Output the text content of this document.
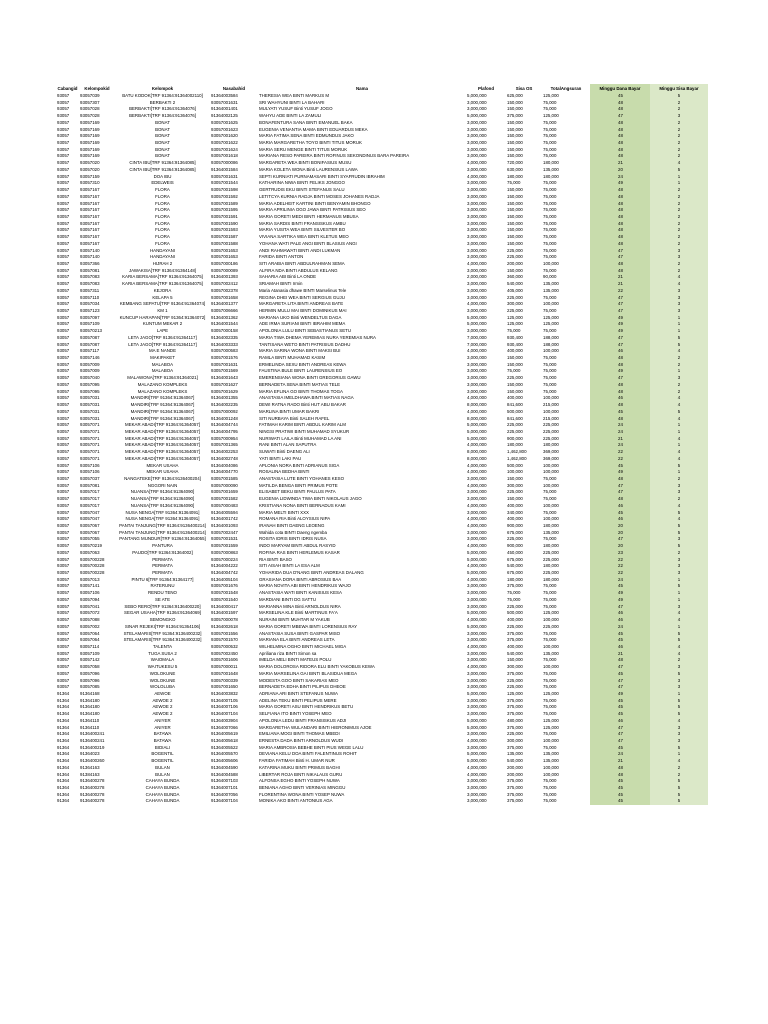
Cabangid	Kelompokid	Kelompok	Nasabahid	Nama	Plafond	Sisa OS	TotalAngsuran	Minggu Dana Bayar	Minggu Sisa Bayar
93057	93057039	BATU KODOK[TRF 91364:91364002110]	91364003584	THERESIA WEA BINTI MARKUS M	5,000,000	625,000	125,000	45	5
93057	93057307	BERBAKTI 2	93057001631	SRI WAHYUNI BINTI LA BAHARI	3,000,000	150,000	75,000	48	2
93057	93057028	BERBAKTI[TRF 91364:91364076]	91364001401	MULYATI YUSUF Binti YUSUF JOGO	3,000,000	150,000	75,000	48	2
93057	93057028	BERBAKTI[TRF 91364:91364076]	91364002125	WAHYU ADE BINTI LA ZAMULI	5,000,000	375,000	125,000	47	3
93057	93057169	BONAT	93057001625	BONAFENTURA SANA BINTI EMANUEL BAKA	3,000,000	150,000	75,000	48	2
93057	93057169	BONAT	93057001623	EUGENIA VENANTIA MAMA BINTI EDUARDUS MEKA	3,000,000	150,000	75,000	48	2
93057	93057169	BONAT	93057001620	MARIA FATIMA SENA BINTI EDMUNDUS JAKO	3,000,000	150,000	75,000	48	2
93057	93057169	BONAT	93057001622	MARIA MARGARETHA TOYO BINTI TITUS MORUK	3,000,000	150,000	75,000	48	2
93057	93057169	BONAT	93057001624	MARIA SERU MENGE BINTI TITUS MORUK	3,000,000	150,000	75,000	48	2
93057	93057169	BONAT	93057001618	MARIANA RESO PAREIRA BINTI ROFINUS SEKONDINUS BARA PAREIRA	3,000,000	150,000	75,000	48	2
93057	93057020	CINTA IBU[TRF 91364:91364085]	93057000086	MARGARETA WEA BINTI BONIFASIUS MUSU	4,000,000	720,000	180,000	21	4
93057	93057020	CINTA IBU[TRF 91364:91364085]	91364001584	MARIA KOLETA WONA Binti LAURENSIUS LAWA	3,000,000	630,000	135,000	20	5
93057	93057159	DOA IBU	93057001631	SEPTI KURNIATI PURNAMASARI BINTI SYAFRUDIN IBRAHIM	4,000,000	180,000	180,000	24	1
93057	93057310	EDELWEIS	93057001544	KATHARINA NIWA BINTI FELIKS JONGGO	3,000,000	75,000	75,000	49	1
93057	93057167	FLORA	93057001598	GERTRUDIS EKU BINTI STEFANUS SALU	3,000,000	150,000	75,000	48	2
93057	93057167	FLORA	93057001592	LETITCYA KURNIA RADJA BINTI MOSES JOHANES RADJA	3,000,000	150,000	75,000	48	2
93057	93057167	FLORA	93057001589	MARIA ADELHEIT KARTINI BINTI BENYAMIN BHONGO	3,000,000	150,000	75,000	48	2
93057	93057167	FLORA	93057001595	MARIA APRILINIA OGO JAWA BINTI PATRISIUS SEO	3,000,000	150,000	75,000	48	2
93057	93057167	FLORA	93057001591	MARIA GORETI MEDI BINTI HERMANUS MBUSA	3,000,000	150,000	75,000	48	2
93057	93057167	FLORA	93057001590	MARIA SARDIS BINTI FRANSISKUS AMBU	3,000,000	150,000	75,000	48	2
93057	93057167	FLORA	93057001593	MARIA YUSITA WEA BINTI SILVESTER BO	3,000,000	150,000	75,000	48	2
93057	93057167	FLORA	93057001587	VIVIANA SARTIKA WEA BINTI KLETUS MEO	3,000,000	150,000	75,000	48	2
93057	93057167	FLORA	93057001588	YOHANA WATI PALE ANGI BINTI BLASIUS ANGI	3,000,000	150,000	75,000	48	2
93057	93057140	HANDAYANI	93057001653	ANDI RAHMAWATI BINTI ANDI LUKMAN	3,000,000	225,000	75,000	47	3
93057	93057140	HANDAYANI	93057001653	FARIDA BINTI ANTON	3,000,000	225,000	75,000	47	3
93057	93057366	HIJRAH 2	93057000186	SITI ARABIA BINTI ABDULRAHMAN SEMA	4,000,000	200,000	100,000	48	2
93057	93057081	JAWAKISA[TRF 91364:91364148]	93057000089	ALFIRA NDA BINTI ABDULUS KELANG	3,000,000	150,000	75,000	48	2
93057	93057083	KARIA BERSAMA[TRF 91364:91364075]	91364001393	SAHARIA ABI Binti LA ONDE	2,000,000	360,000	90,000	21	4
93057	93057083	KARIA BERSAMA[TRF 91364:91364075]	93057002412	SRIAMAH BINTI Irmin	3,000,000	540,000	135,000	21	4
93057	93057311	KEJORA	93057002378	Maria Atanasia dhawe BINTI Marselinus Tele	3,000,000	405,000	135,000	22	3
93057	93057110	KELAPA 5	93057001658	REGINA DHEI WEA BINTI SERGIUS GUJU	3,000,000	225,000	75,000	47	3
93057	93057034	KEMBANG SEPATU[TRF 91364:91364074]	91364001377	MARGARETA LITA BINTI ANDREAS BATE	4,000,000	300,000	100,000	47	3
93057	93057123	KM 1	93057006666	HERMIN MULU MAI BINTI DOMINIKUS MAI	3,000,000	225,000	75,000	47	3
93057	93057097	KUNCUP HARAPAN[TRF 91364:91364072]	91364001362	MARIANA UKO Binti WENDELTUS DAGA	5,000,000	125,000	125,000	49	1
93057	93057109	KUNTUM MEKAR 2	91364001544	ADE IRMA SURIANI BINTI IBRAHIM MEMA	5,000,000	125,000	125,000	49	1
93057	930570213	LAPE	93057000158	APOLONIA LULU BINTI SEBASTIANUS SETU	3,000,000	75,000	75,000	49	1
93057	93057087	LETA JAGO[TRF 91364:91364117]	91364002335	MARIA TIWA DHEMA YEREMIAS NURA YEREMIAS NURA	7,000,000	930,400	188,000	47	5
93057	93057087	LETA JAGO[TRF 91364:91364117]	91364003333	TANTISANA WETO BINTI PATRISIUS DADHU	7,000,000	930,400	188,000	47	5
93057	93057117	MA E NANDE	93057000583	MARIA SARINA WONA BINTI MAKSI BUI	4,000,000	400,000	100,000	46	4
93057	93057146	MAKIPAKET	93057001576	RAMLA BINTI MUHAMAD KASIM	3,000,000	150,000	75,000	48	2
93057	93057009	MALABOA	93057001631	ERMELINDA SEXU BINTI ANDREAS KEWA	3,000,000	150,000	75,000	48	2
93057	93057009	MALABOA	93057001569	FAUSTINA BULE BINTI LAURENSIUS EO	3,000,000	75,000	75,000	49	1
93057	93057040	MALAWONA[TRF 91364:91364021]	91364001643	EMERENSIANA WONA BINTI GREGORIUS GAWU	3,000,000	225,000	75,000	47	3
93057	93057095	MALAZANO KOMPLEKS	93057001627	BERNADETA SENA BINTI MATIAS TELE	3,000,000	150,000	75,000	48	2
93057	93057095	MALAZANO KOMPLEKS	93057001629	MARIA EFLINA GO BINTI THOMAS TOGA	3,000,000	150,000	75,000	48	2
93057	93057031	MANDIRI[TRF 91364:91364067]	91364001355	ANASTASIA IMELDHAWA BINTI MATIAS NAGA	4,000,000	400,000	100,000	46	4
93057	93057031	MANDIRI[TRF 91364:91364067]	91364002235	DEWI RATNA RADO Binti HUT ABU BAKAR	8,000,000	841,600	215,000	48	4
93057	93057031	MANDIRI[TRF 91364:91364067]	93057000092	MARLINA BINTI UMAR BAKRI	4,000,000	500,000	100,000	45	5
93057	93057031	MANDIRI[TRF 91364:91364067]	91364001248	SITI NURBAYA Binti SALEH RAFEL	8,000,000	841,600	215,000	48	4
93057	93057071	MEKAR ABADI[TRF 91364:91364057]	91364004744	FATIMAH KARIM BINTI ABDUL KARIM ALM	5,000,000	225,000	225,000	24	1
93057	93057071	MEKAR ABADI[TRF 91364:91364057]	91364004795	NINGSI PRATIWI BINTI MUHAMAD SYUKUR	5,000,000	225,000	225,000	24	1
93057	93057071	MEKAR ABADI[TRF 91364:91364057]	93057000954	NURIWATI LAILA Binti MUHAMAD LA ANI	5,000,000	900,000	225,000	21	4
93057	93057071	MEKAR ABADI[TRF 91364:91364057]	93057001365	RANI BINTI ALAN SAPUTRA	4,000,000	180,000	180,000	24	1
93057	93057071	MEKAR ABADI[TRF 91364:91364057]	91364002253	SUWATI Binti DAENG ALI	8,000,000	1,462,800	369,000	22	4
93057	93057071	MEKAR ABADI[TRF 91364:91364057]	91364002748	YATI BINTI LAKI PAU	8,000,000	1,462,800	369,000	22	4
93057	93057106	MEKAR USAHA	91364004086	APLONIA NORA BINTI ADRIANUS SIGA	4,000,000	500,000	100,000	45	5
93057	93057106	MEKAR USAHA	91364004770	ROSALINA BEDHA BINTI	4,000,000	100,000	100,000	49	1
93057	93057037	NANGATEKE[TRF 91364:9136400204]	93057001585	ANASTASIA LUTE BINTI YOHANES KESO	3,000,000	150,000	75,000	48	2
93057	93057081	NGGORI NAIN	93057000090	MATILDA BENGA BINTI PRIMUS POTE	4,000,000	300,000	100,000	47	3
93057	93057017	NUANSA[TRF 91364:91364090]	93057001659	ELISABET BEKU BINTI PAULUS PATA	3,000,000	225,000	75,000	47	3
93057	93057017	NUANSA[TRF 91364:91364090]	93057001582	EUGENIA LIDWINDA TIWA BINTI NIKOLAUS JAGO	3,000,000	150,000	75,000	48	2
93057	93057017	NUANSA[TRF 91364:91364090]	93057000483	KRISTIANA NONA BINTI BERNADUS KAMI	4,000,000	400,000	100,000	46	4
93057	93057047	NUSA NENGA[TRF 91364:91364091]	91364005594	MARIA MELTI BINTI XXX	3,000,000	340,000	75,000	45	5
93057	93057047	NUSA NENGA[TRF 91364:91364091]	91364001742	ROMANA RIA Binti ALOYSIUS NIPA	4,000,000	400,000	100,000	46	4
93057	93057067	PANTAI TANJUNG[TRF 91364:9136400214]	91364001093	IRANAH BINTI DAENG LEOENG	4,000,000	900,000	180,000	20	5
93057	93057067	PANTAI TANJUNG[TRF 91364:9136400214]	93057002447	Wahida cota BINTI Daeng ngemba	3,000,000	675,000	135,000	20	5
93057	93057055	PANTANG MUNDUR[TRF 91364:91364055]	93057001531	ROSITA IDRIS BINTI IDRIS NUSA	3,000,000	225,000	75,000	47	3
93057	930570219	PANTURA	93057001559	INDO MARYAM BINTI ABDUL RASYID	4,000,000	900,000	180,000	20	5
93057	93057063	PAUDO[TRF 91364:91364002]	93057000863	ROFINA RAS BINTI HERLEMUS KASAR	5,000,000	450,000	225,000	23	2
93057	9305700228	PERMATA	93057000224	RIA BINTI BASO	5,000,000	675,000	225,000	22	3
93057	9305700228	PERMATA	91364004222	SITI AISAH BINTI LA ESA ALM	4,000,000	540,000	180,000	22	3
93057	9305700228	PERMATA	91364004742	YOHARIDA DUA D'NANG BINTI ANDREAS DALANG	5,000,000	675,000	225,000	22	3
93057	93057013	PINTU 6[TRF 91364:91364177]	91364005104	GRASIANA DORA BINTI ABROSIUS BAA	4,000,000	180,000	180,000	24	1
93057	93057141	RATERUNU	93057001676	MARIA NOVITA ABI BINTI HENDRIKUS WAJO	3,000,000	375,000	75,000	45	5
93057	93057106	RENDU TENO	93057001548	ANASTASIA WATI BINTI KANISIUS KESA	3,000,000	75,000	75,000	49	1
93057	93057094	SE ATE	93057001540	MARDIANI BINTI DG SATTU	3,000,000	75,000	75,000	49	1
93057	93057041	SEBO RERO[TRF 91364:9136400220]	91364000417	MARIANNA MINA Binti ARNOLDUS NIRA	3,000,000	225,000	75,000	47	3
93057	93057072	SEGAR USAHA[TRF 91364:91364069]	91364001597	MARSELINA KLE Binti MARTINUS FA'A	5,000,000	500,000	125,000	46	4
93057	93057088	SEMONGKO	93057000078	NURAINI BINTI MUHTAR M YAKUB	4,000,000	400,000	100,000	46	4
93057	93057002	SINAR REJEKI[TRF 91364:91364106]	91364002618	MARIA GORETI MBEWA BINTI LORENSIUS RAY	5,000,000	225,000	225,000	24	1
93057	93057064	STELAMARIS[TRF 91364:9136400232]	93057001556	ANASTASIA SUSA BINTI GASPAR MISO	3,000,000	375,000	75,000	45	5
93057	93057064	STELAMARIS[TRF 91364:9136400232]	93057001570	MARIANA ELA BINTI ANDREAS LETA	3,000,000	375,000	75,000	45	5
93057	93057114	TALENTA	93057000532	WILHELMINA OGHO BINTI MICHAEL MIGA	4,000,000	400,000	100,000	46	4
93057	93057109	TUGA SUSA 2	93057002450	Apriliana riza BINTI Simon sa	3,000,000	540,000	135,000	21	4
93057	93057142	WAIOMALA	93057001606	IMELDA MELI BINTI MATEUS POLU	3,000,000	150,000	75,000	48	2
93057	93057058	WAITUKESU 5	93057000011	MARIA DOLOROSA RIDORA ELU BINTI YAKOBUS KEWA	4,000,000	300,000	100,000	47	3
93057	93057096	WOLOKUNE	93057001648	MARIA MARSELINA GAI BINTI BLASIDUA MEGA	3,000,000	375,000	75,000	45	5
93057	93057096	WOLOKUNE	93057000339	MODESTA GOO BINTI SAKARIAS MEO	3,000,000	225,000	75,000	47	3
93057	93057085	WOLOLUBA	93057001650	BERNADETA EDHA BINTI PILIPUS DHEOE	3,000,000	225,000	75,000	47	3
91364	91364168	AEWOE	91364003832	ADRIANA ARI BINTI STEFANUS NUWA	5,000,000	125,000	125,000	49	1
91364	91364180	AEWOE 2	91364007105	ADELINA TEKU BINTI PELIPUS MERE	3,000,000	375,000	75,000	45	5
91364	91364180	AEWOE 2	91364007106	MARIA GORETI ASU BINTI HENDRIKUS BETU	3,000,000	375,000	75,000	45	5
91364	91364180	AEWOE 2	91364007104	SELFIANA ITO BINTI YOSEPH MEO	3,000,000	375,000	75,000	45	5
91364	91364110	ANIYER	91364003904	APOLONIA LEDU BINTI FRANSISKUS ADJI	5,000,000	480,000	125,000	46	4
91364	91364110	ANIYER	91364007066	MARGARETHA WULANDARI BINTI HIERONIMUS AJOE	5,000,000	375,000	125,000	47	3
91364	9136400241	BATAWA	91364005619	EMILIANA MOGI BINTI THOMAS MBEDI	3,000,000	225,000	75,000	47	3
91364	9136400241	BATAWA	91364005618	ERNESTA DADA BINTI ARNOLDUS WUDI	4,000,000	300,000	100,000	47	3
91364	9136400219	BIDIALI	91364005522	MARIA AMBROSIA BEBHE BINTI PIUS WEGE LALU	3,000,000	375,000	75,000	45	5
91364	91364023	BOGENTIL	91364005570	DEVIANA KELU DOA BINTI FALENTINUS ROHIT	5,000,000	135,000	135,000	24	1
91364	9136400260	BOGENTIL	91364005606	FARIDA FATIMAH Binti H. UMAR NUR	5,000,000	540,000	135,000	21	4
91364	91364163	BULAN	91364004590	KATARINA MUKU BINTI PRIMUS BAGHI	4,000,000	200,000	100,000	48	2
91364	91384163	BULAN	91364004588	LIBERTAR ROJA BINTI NIKALAUS GURU	4,000,000	200,000	100,000	48	2
91364	9136400278	CAHAYA BUNDA	91364007103	ALFONSA EGHO BINTI YOSEPH NUWA	3,000,000	375,000	75,000	45	5
91364	9136400278	CAHAYA BUNDA	91364007101	BENIANA AGHO BINTI VERINIAS MINGGU	3,000,000	375,000	75,000	45	5
91364	9136400278	CAHAYA BUNDA	91364007056	FLORENTINA WONA BINTI YOSEP NUWA	3,000,000	375,000	75,000	45	5
91364	9136400278	CAHAYA BUNDA	91364007104	MONIKA AKO BINTI ANTONIUS AGA	3,000,000	375,000	75,000	45	5
